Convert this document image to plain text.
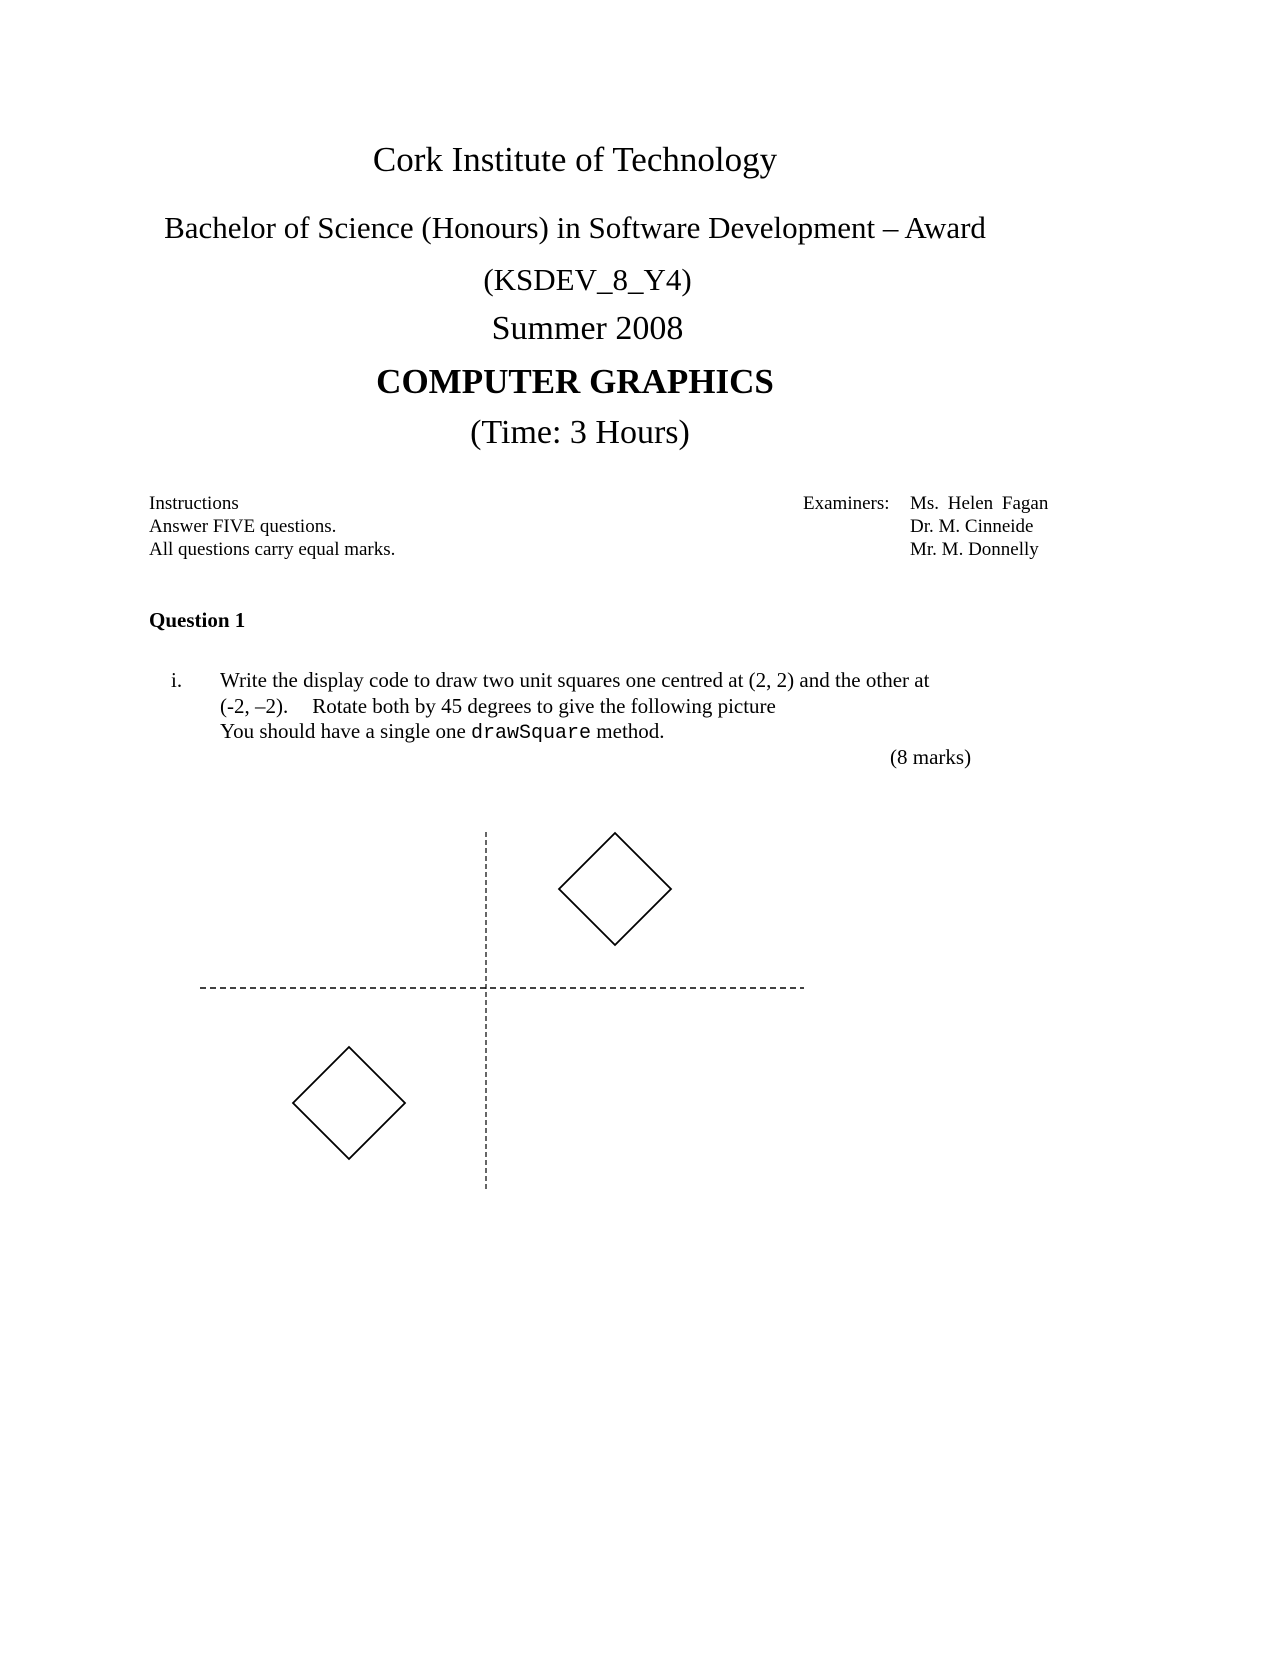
Cork Institute of Technology
Bachelor of Science (Honours) in Software Development – Award
(KSDEV_8_Y4)
Summer 2008
COMPUTER GRAPHICS
(Time: 3 Hours)
Instructions
Answer FIVE questions.
All questions carry equal marks.
Examiners: Ms. Helen Fagan
Dr. M. Cinneide
Mr. M. Donnelly
Question 1
i. Write the display code to draw two unit squares one centred at (2, 2) and the other at
(-2, –2). Rotate both by 45 degrees to give the following picture
You should have a single one drawSquare method.
(8 marks)
